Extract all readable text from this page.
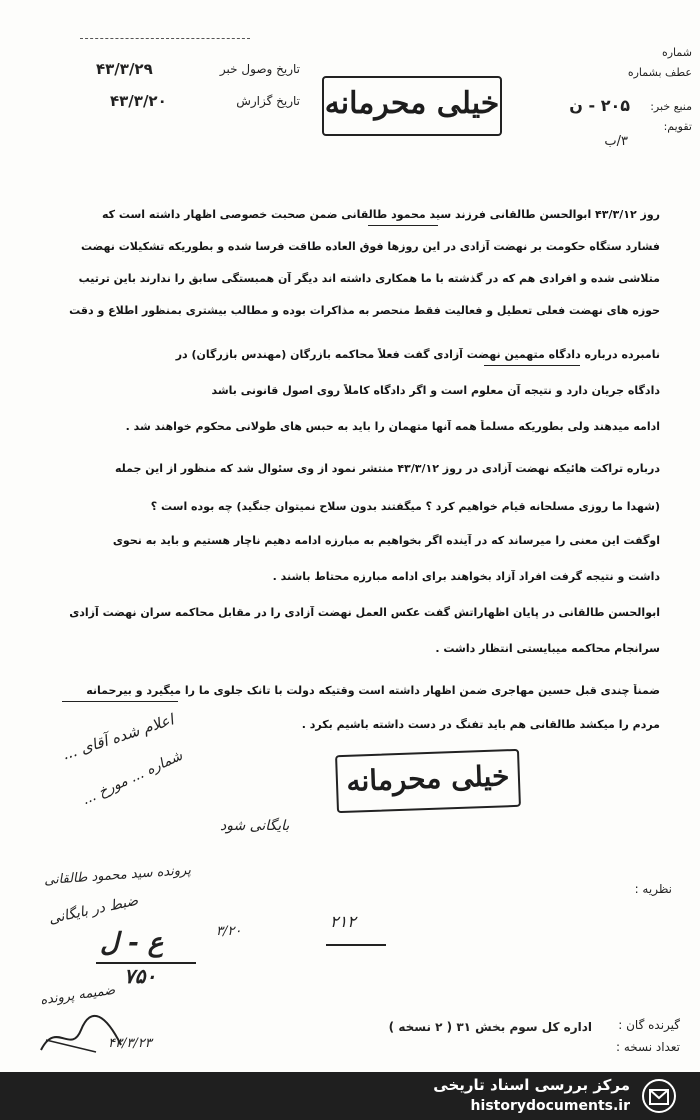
شماره
عطف بشماره
منبع خبر:
تقویم:
۲۰۵ - ن
۳/ب
خیلی محرمانه
تاریخ وصول خبر
۴۳/۳/۲۹
تاریخ گزارش
۴۳/۳/۲۰
روز ۴۳/۳/۱۲ ابوالحسن طالقانی فرزند سید محمود طالقانی ضمن صحبت خصوصی اظهار داشته است که
فشارد ستگاه حکومت بر نهضت آزادی در این روزها فوق العاده طاقت فرسا شده و بطوریکه تشکیلات نهضت
متلاشی شده و افرادی هم که در گذشته با ما همکاری داشته اند دیگر آن همبستگی سابق را ندارند باین ترتیب
حوزه های نهضت فعلی تعطیل و فعالیت فقط منحصر به مذاکرات بوده و مطالب بیشتری بمنظور اطلاع و دقت
نامبرده درباره دادگاه متهمین نهضت آزادی گفت فعلاً محاکمه بازرگان (مهندس بازرگان) در
دادگاه جریان دارد و نتیجه آن معلوم است و اگر دادگاه کاملاً روی اصول قانونی باشد
ادامه میدهند ولی بطوریکه مسلماً همه آنها متهمان را باید به حبس های طولانی محکوم خواهند شد .
درباره تراکت هائیکه نهضت آزادی در روز ۴۳/۳/۱۲ منتشر نمود از وی سئوال شد که منظور از این جمله
(شهدا ما روزی مسلحانه قیام خواهیم کرد ؟ میگفتند بدون سلاح نمیتوان جنگید) چه بوده است ؟
اوگفت این معنی را میرساند که در آینده اگر بخواهیم به مبارزه ادامه دهیم ناچار هستیم و باید به نحوی
داشت و نتیجه گرفت افراد آزاد بخواهند برای ادامه مبارزه محتاط باشند .
ابوالحسن طالقانی در پایان اظهاراتش گفت عکس العمل نهضت آزادی را در مقابل محاکمه سران نهضت آزادی
سرانجام محاکمه میبایستی انتظار داشت .
ضمناً چندی قبل حسین مهاجری ضمن اظهار داشته است وقتیکه دولت با تانک جلوی ما را میگیرد و بیرحمانه
مردم را میکشد طالقانی هم باید تفنگ در دست داشته باشیم بکرد .
اعلام شده آقای ...
شماره ... مورخ ...
بایگانی شود
خیلی محرمانه
پرونده سید محمود طالقانی
نظریه :
۳/۲۰
۲۱۲
ضبط در بایگانی
ع - ل
۷۵۰
ضمیمه پرونده
۴۳/۳/۲۳
گیرنده گان :
اداره کل سوم بخش ۳۱ ( ۲ نسخه )
تعداد نسخه :
مرکز بررسی اسناد تاریخی
historydocuments.ir
